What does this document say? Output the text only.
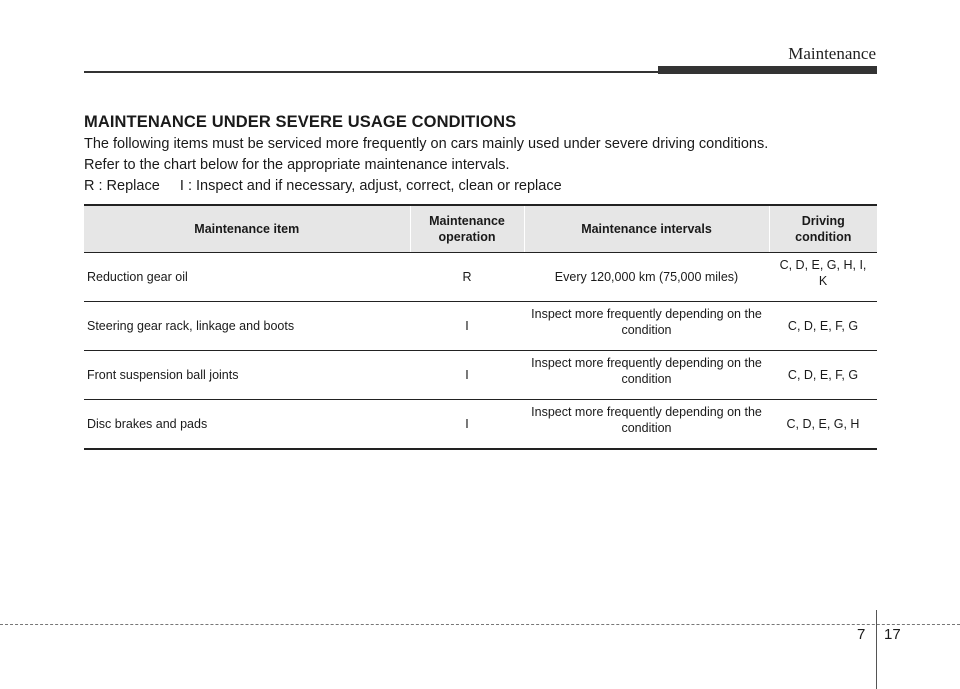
Maintenance
MAINTENANCE UNDER SEVERE USAGE CONDITIONS
The following items must be serviced more frequently on cars mainly used under severe driving conditions.
Refer to the chart below for the appropriate maintenance intervals.
R : Replace     I : Inspect and if necessary, adjust, correct, clean or replace
Maintenance item	Maintenance operation	Maintenance intervals	Driving condition
Reduction gear oil	R	Every 120,000 km (75,000 miles)	C, D, E, G, H, I, K
Steering gear rack, linkage and boots	I	Inspect more frequently depending on the condition	C, D, E, F, G
Front suspension ball joints	I	Inspect more frequently depending on the condition	C, D, E, F, G
Disc brakes and pads	I	Inspect more frequently depending on the condition	C, D, E, G, H
7 17
